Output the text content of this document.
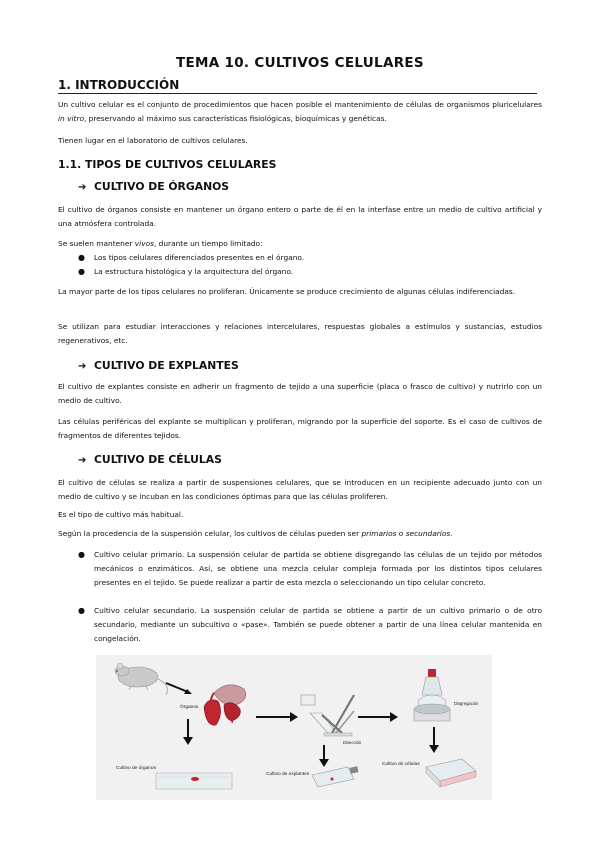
TEMA 10. CULTIVOS CELULARES
1. INTRODUCCIÓN
Un cultivo celular es el conjunto de procedimientos que hacen posible el mantenimiento de células de organismos pluricelulares in vitro, preservando al máximo sus características fisiológicas, bioquímicas y genéticas.
Tienen lugar en el laboratorio de cultivos celulares.
1.1. TIPOS DE CULTIVOS CELULARES
➔ CULTIVO DE ÓRGANOS
El cultivo de órganos consiste en mantener un órgano entero o parte de él en la interfase entre un medio de cultivo artificial y una atmósfera controlada.
Se suelen mantener vivos, durante un tiempo limitado:
● Los tipos celulares diferenciados presentes en el órgano.
● La estructura histológica y la arquitectura del órgano.
La mayor parte de los tipos celulares no proliferan. Únicamente se produce crecimiento de algunas células indiferenciadas.
Se utilizan para estudiar interacciones y relaciones intercelulares, respuestas globales a estímulos y sustancias, estudios regenerativos, etc.
➔ CULTIVO DE EXPLANTES
El cultivo de explantes consiste en adherir un fragmento de tejido a una superficie (placa o frasco de cultivo) y nutrirlo con un medio de cultivo.
Las células periféricas del explante se multiplican y proliferan, migrando por la superficie del soporte. Es el caso de cultivos de fragmentos de diferentes tejidos.
➔ CULTIVO DE CÉLULAS
El cultivo de células se realiza a partir de suspensiones celulares, que se introducen en un recipiente adecuado junto con un medio de cultivo y se incuban en las condiciones óptimas para que las células proliferen.
Es el tipo de cultivo más habitual.
Según la procedencia de la suspensión celular, los cultivos de células pueden ser primarios o secundarios.
● Cultivo celular primario. La suspensión celular de partida se obtiene disgregando las células de un tejido por métodos mecánicos o enzimáticos. Así, se obtiene una mezcla celular compleja formada por los distintos tipos celulares presentes en el tejido. Se puede realizar a partir de esta mezcla o seleccionando un tipo celular concreto.
● Cultivo celular secundario. La suspensión celular de partida se obtiene a partir de un cultivo primario o de otro secundario, mediante un subcultivo o «pase». También se puede obtener a partir de una línea celular mantenida en congelación.
Órganos
Cultivo de órganos
Disección
Cultivo de explantes
Disgregación
Cultivo de células
